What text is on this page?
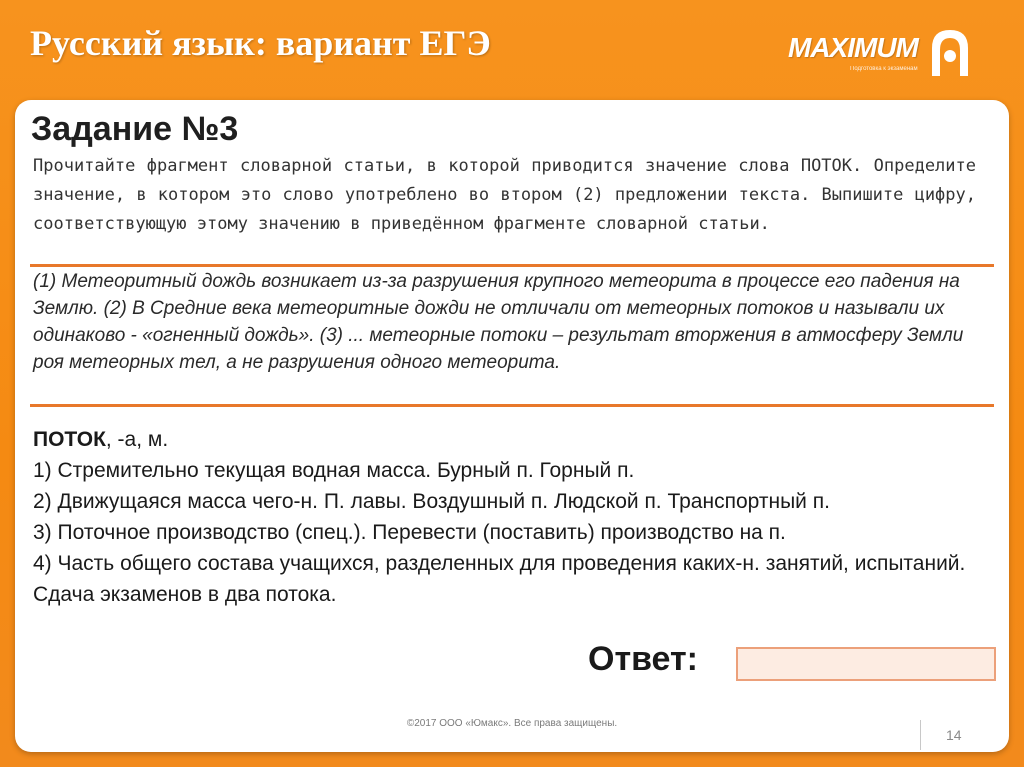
Русский язык: вариант ЕГЭ	MAXIMUM
Подготовка к экзаменам
Задание №3
Прочитайте фрагмент словарной статьи, в которой приводится значение слова ПОТОК. Определите значение, в котором это слово употреблено во втором (2) предложении текста. Выпишите цифру, соответствующую этому значению в приведённом фрагменте словарной статьи.
(1) Метеоритный дождь возникает из-за разрушения крупного метеорита в процессе его падения на Землю. (2) В Средние века метеоритные дожди не отличали от метеорных потоков и называли их одинаково - «огненный дождь». (3) ... метеорные потоки – результат вторжения в атмосферу Земли роя метеорных тел, а не разрушения одного метеорита.
ПОТОК, -а, м.
1) Стремительно текущая водная масса. Бурный п. Горный п.
2) Движущаяся масса чего-н. П. лавы. Воздушный п. Людской п. Транспортный п.
3) Поточное производство (спец.). Перевести (поставить) производство на п.
4) Часть общего состава учащихся, разделенных для проведения каких-н. занятий, испытаний. Сдача экзаменов в два потока.
Ответ:
©2017 ООО «Юмакс». Все права защищены.
14
